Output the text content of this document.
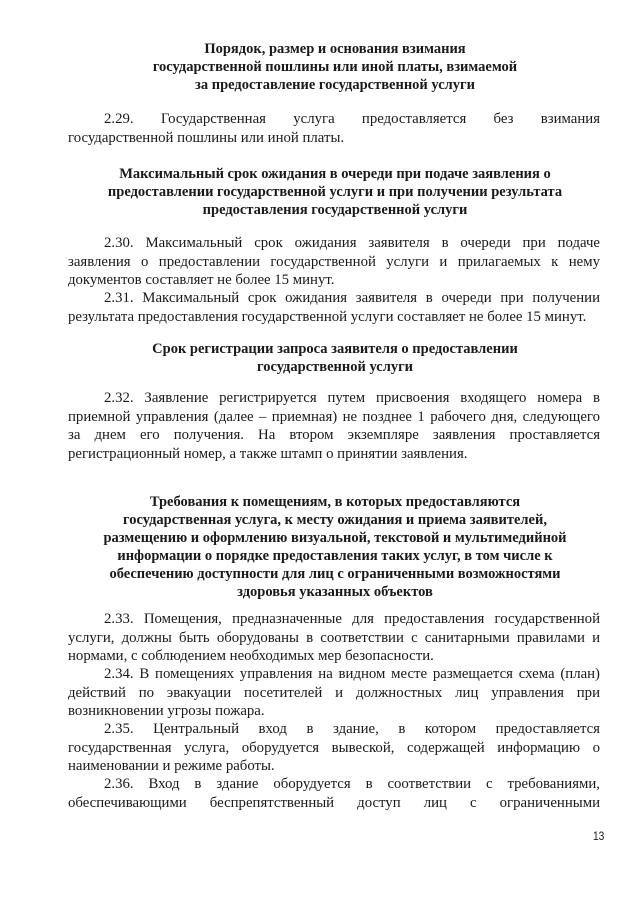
Порядок, размер и основания взимания
государственной пошлины или иной платы, взимаемой
за предоставление государственной услуги
2.29. Государственная услуга предоставляется без взимания
государственной пошлины или иной платы.
Максимальный срок ожидания в очереди при подаче заявления о
предоставлении государственной услуги и при получении результата
предоставления государственной услуги
2.30. Максимальный срок ожидания заявителя в очереди при подаче
заявления о предоставлении государственной услуги и прилагаемых к нему
документов составляет не более 15 минут.
2.31. Максимальный срок ожидания заявителя в очереди при получении
результата предоставления государственной услуги составляет не более 15 минут.
Срок регистрации запроса заявителя о предоставлении
государственной услуги
2.32. Заявление регистрируется путем присвоения входящего номера в
приемной управления (далее – приемная) не позднее 1 рабочего дня, следующего
за днем его получения. На втором экземпляре заявления проставляется
регистрационный номер, а также штамп о принятии заявления.
Требования к помещениям, в которых предоставляются
государственная услуга, к месту ожидания и приема заявителей,
размещению и оформлению визуальной, текстовой и мультимедийной
информации о порядке предоставления таких услуг, в том числе к
обеспечению доступности для лиц с ограниченными возможностями
здоровья указанных объектов
2.33. Помещения, предназначенные для предоставления государственной
услуги, должны быть оборудованы в соответствии с санитарными правилами и
нормами, с соблюдением необходимых мер безопасности.
2.34. В помещениях управления на видном месте размещается схема (план)
действий по эвакуации посетителей и должностных лиц управления при
возникновении угрозы пожара.
2.35. Центральный вход в здание, в котором предоставляется
государственная услуга, оборудуется вывеской, содержащей информацию о
наименовании и режиме работы.
2.36. Вход в здание оборудуется в соответствии с требованиями,
обеспечивающими беспрепятственный доступ лиц с ограниченными
13
